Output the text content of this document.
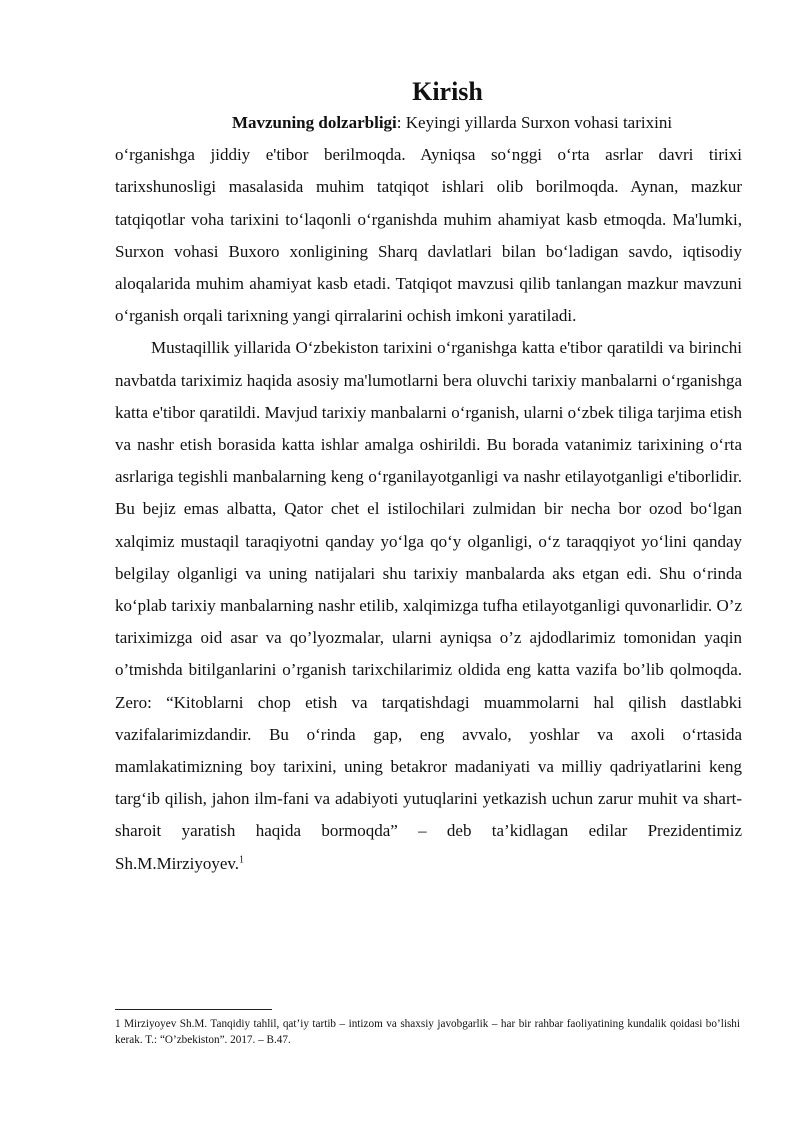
Kirish

Mavzuning dolzarbligi: Keyingi yillarda Surxon vohasi tarixini

o‘rganishga jiddiy e'tibor berilmoqda. Ayniqsa so‘nggi o‘rta asrlar davri tirixi tarixshunosligi masalasida muhim tatqiqot ishlari olib borilmoqda. Aynan, mazkur tatqiqotlar voha tarixini to‘laqonli o‘rganishda muhim ahamiyat kasb etmoqda. Ma'lumki, Surxon vohasi Buxoro xonligining Sharq davlatlari bilan bo‘ladigan savdo, iqtisodiy aloqalarida muhim ahamiyat kasb etadi. Tatqiqot mavzusi qilib tanlangan mazkur mavzuni o‘rganish orqali tarixning yangi qirralarini ochish imkoni yaratiladi.

Mustaqillik yillarida O‘zbekiston tarixini o‘rganishga katta e'tibor qaratildi va birinchi navbatda tariximiz haqida asosiy ma'lumotlarni bera oluvchi tarixiy manbalarni o‘rganishga katta e'tibor qaratildi. Mavjud tarixiy manbalarni o‘rganish, ularni o‘zbek tiliga tarjima etish va nashr etish borasida katta ishlar amalga oshirildi. Bu borada vatanimiz tarixining o‘rta asrlariga tegishli manbalarning keng o‘rganilayotganligi va nashr etilayotganligi e'tiborlidir. Bu bejiz emas albatta, Qator chet el istilochilari zulmidan bir necha bor ozod bo‘lgan xalqimiz mustaqil taraqiyotni qanday yo‘lga qo‘y olganligi, o‘z taraqqiyot yo‘lini qanday belgilay olganligi va uning natijalari shu tarixiy manbalarda aks etgan edi. Shu o‘rinda ko‘plab tarixiy manbalarning nashr etilib, xalqimizga tufha etilayotganligi quvonarlidir. O’z tariximizga oid asar va qo’lyozmalar, ularni ayniqsa o’z ajdodlarimiz tomonidan yaqin o’tmishda bitilganlarini o’rganish tarixchilarimiz oldida eng katta vazifa bo’lib qolmoqda. Zero: “Kitoblarni chop etish va tarqatishdagi muammolarni hal qilish dastlabki vazifalarimizdandir. Bu o‘rinda gap, eng avvalo, yoshlar va axoli o‘rtasida mamlakatimizning boy tarixini, uning betakror madaniyati va milliy qadriyatlarini keng targ‘ib qilish, jahon ilm-fani va adabiyoti yutuqlarini yetkazish uchun zarur muhit va shart-sharoit yaratish haqida bormoqda” – deb ta’kidlagan edilar Prezidentimiz Sh.M.Mirziyoyev.$^1$

1 Mirziyoyev Sh.M. Tanqidiy tahlil, qat’iy tartib – intizom va shaxsiy javobgarlik – har bir rahbar faoliyatining kundalik qoidasi bo’lishi kerak. T.: “O’zbekiston”. 2017. – B.47.
